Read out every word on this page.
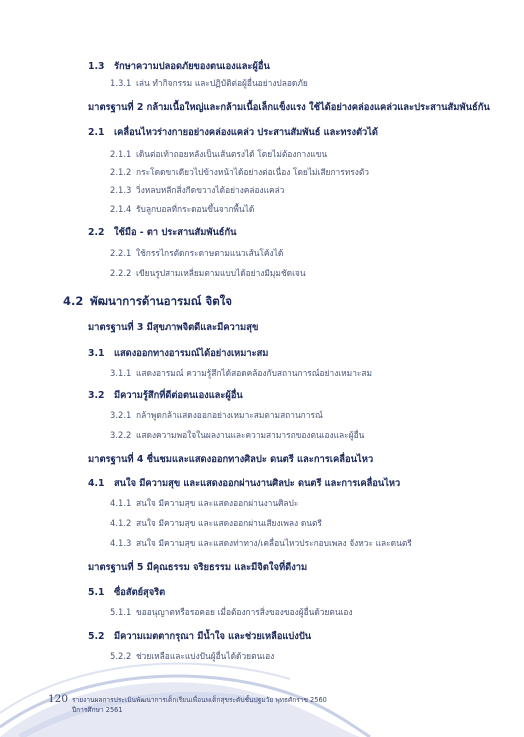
1.3 รักษาความปลอดภัยของตนเองและผู้อื่น
1.3.1 เล่น ทำกิจกรรม และปฏิบัติต่อผู้อื่นอย่างปลอดภัย
มาตรฐานที่ 2 กล้ามเนื้อใหญ่และกล้ามเนื้อเล็กแข็งแรง ใช้ได้อย่างคล่องแคล่วและประสานสัมพันธ์กัน
2.1 เคลื่อนไหวร่างกายอย่างคล่องแคล่ว ประสานสัมพันธ์ และทรงตัวได้
2.1.1 เดินต่อเท้าถอยหลังเป็นเส้นตรงได้ โดยไม่ต้องกางแขน
2.1.2 กระโดดขาเดียวไปข้างหน้าได้อย่างต่อเนื่อง โดยไม่เสียการทรงตัว
2.1.3 วิ่งหลบหลีกสิ่งกีดขวางได้อย่างคล่องแคล่ว
2.1.4 รับลูกบอลที่กระดอนขึ้นจากพื้นได้
2.2 ใช้มือ - ตา ประสานสัมพันธ์กัน
2.2.1 ใช้กรรไกรตัดกระดาษตามแนวเส้นโค้งได้
2.2.2 เขียนรูปสามเหลี่ยมตามแบบได้อย่างมีมุมชัดเจน
4.2 พัฒนาการด้านอารมณ์ จิตใจ
มาตรฐานที่ 3 มีสุขภาพจิตดีและมีความสุข
3.1 แสดงออกทางอารมณ์ได้อย่างเหมาะสม
3.1.1 แสดงอารมณ์ ความรู้สึกได้สอดคล้องกับสถานการณ์อย่างเหมาะสม
3.2 มีความรู้สึกที่ดีต่อตนเองและผู้อื่น
3.2.1 กล้าพูดกล้าแสดงออกอย่างเหมาะสมตามสถานการณ์
3.2.2 แสดงความพอใจในผลงานและความสามารถของตนเองและผู้อื่น
มาตรฐานที่ 4 ชื่นชมและแสดงออกทางศิลปะ ดนตรี และการเคลื่อนไหว
4.1 สนใจ มีความสุข และแสดงออกผ่านงานศิลปะ ดนตรี และการเคลื่อนไหว
4.1.1 สนใจ มีความสุข และแสดงออกผ่านงานศิลปะ
4.1.2 สนใจ มีความสุข และแสดงออกผ่านเสียงเพลง ดนตรี
4.1.3 สนใจ มีความสุข และแสดงท่าทาง/เคลื่อนไหวประกอบเพลง จังหวะ และดนตรี
มาตรฐานที่ 5 มีคุณธรรม จริยธรรม และมีจิตใจที่ดีงาม
5.1 ซื่อสัตย์สุจริต
5.1.1 ขออนุญาตหรือรอคอย เมื่อต้องการสิ่งของของผู้อื่นด้วยตนเอง
5.2 มีความเมตตากรุณา มีน้ำใจ และช่วยเหลือแบ่งปัน
5.2.2 ช่วยเหลือและแบ่งปันผู้อื่นได้ด้วยตนเอง
120 รายงานผลการประเมินพัฒนาการเด็กเรียนเพื่อนพเด็กสุขระดับชั้นปฐมวัย พุทธศักราช 2560
ปีการศึกษา 2561
